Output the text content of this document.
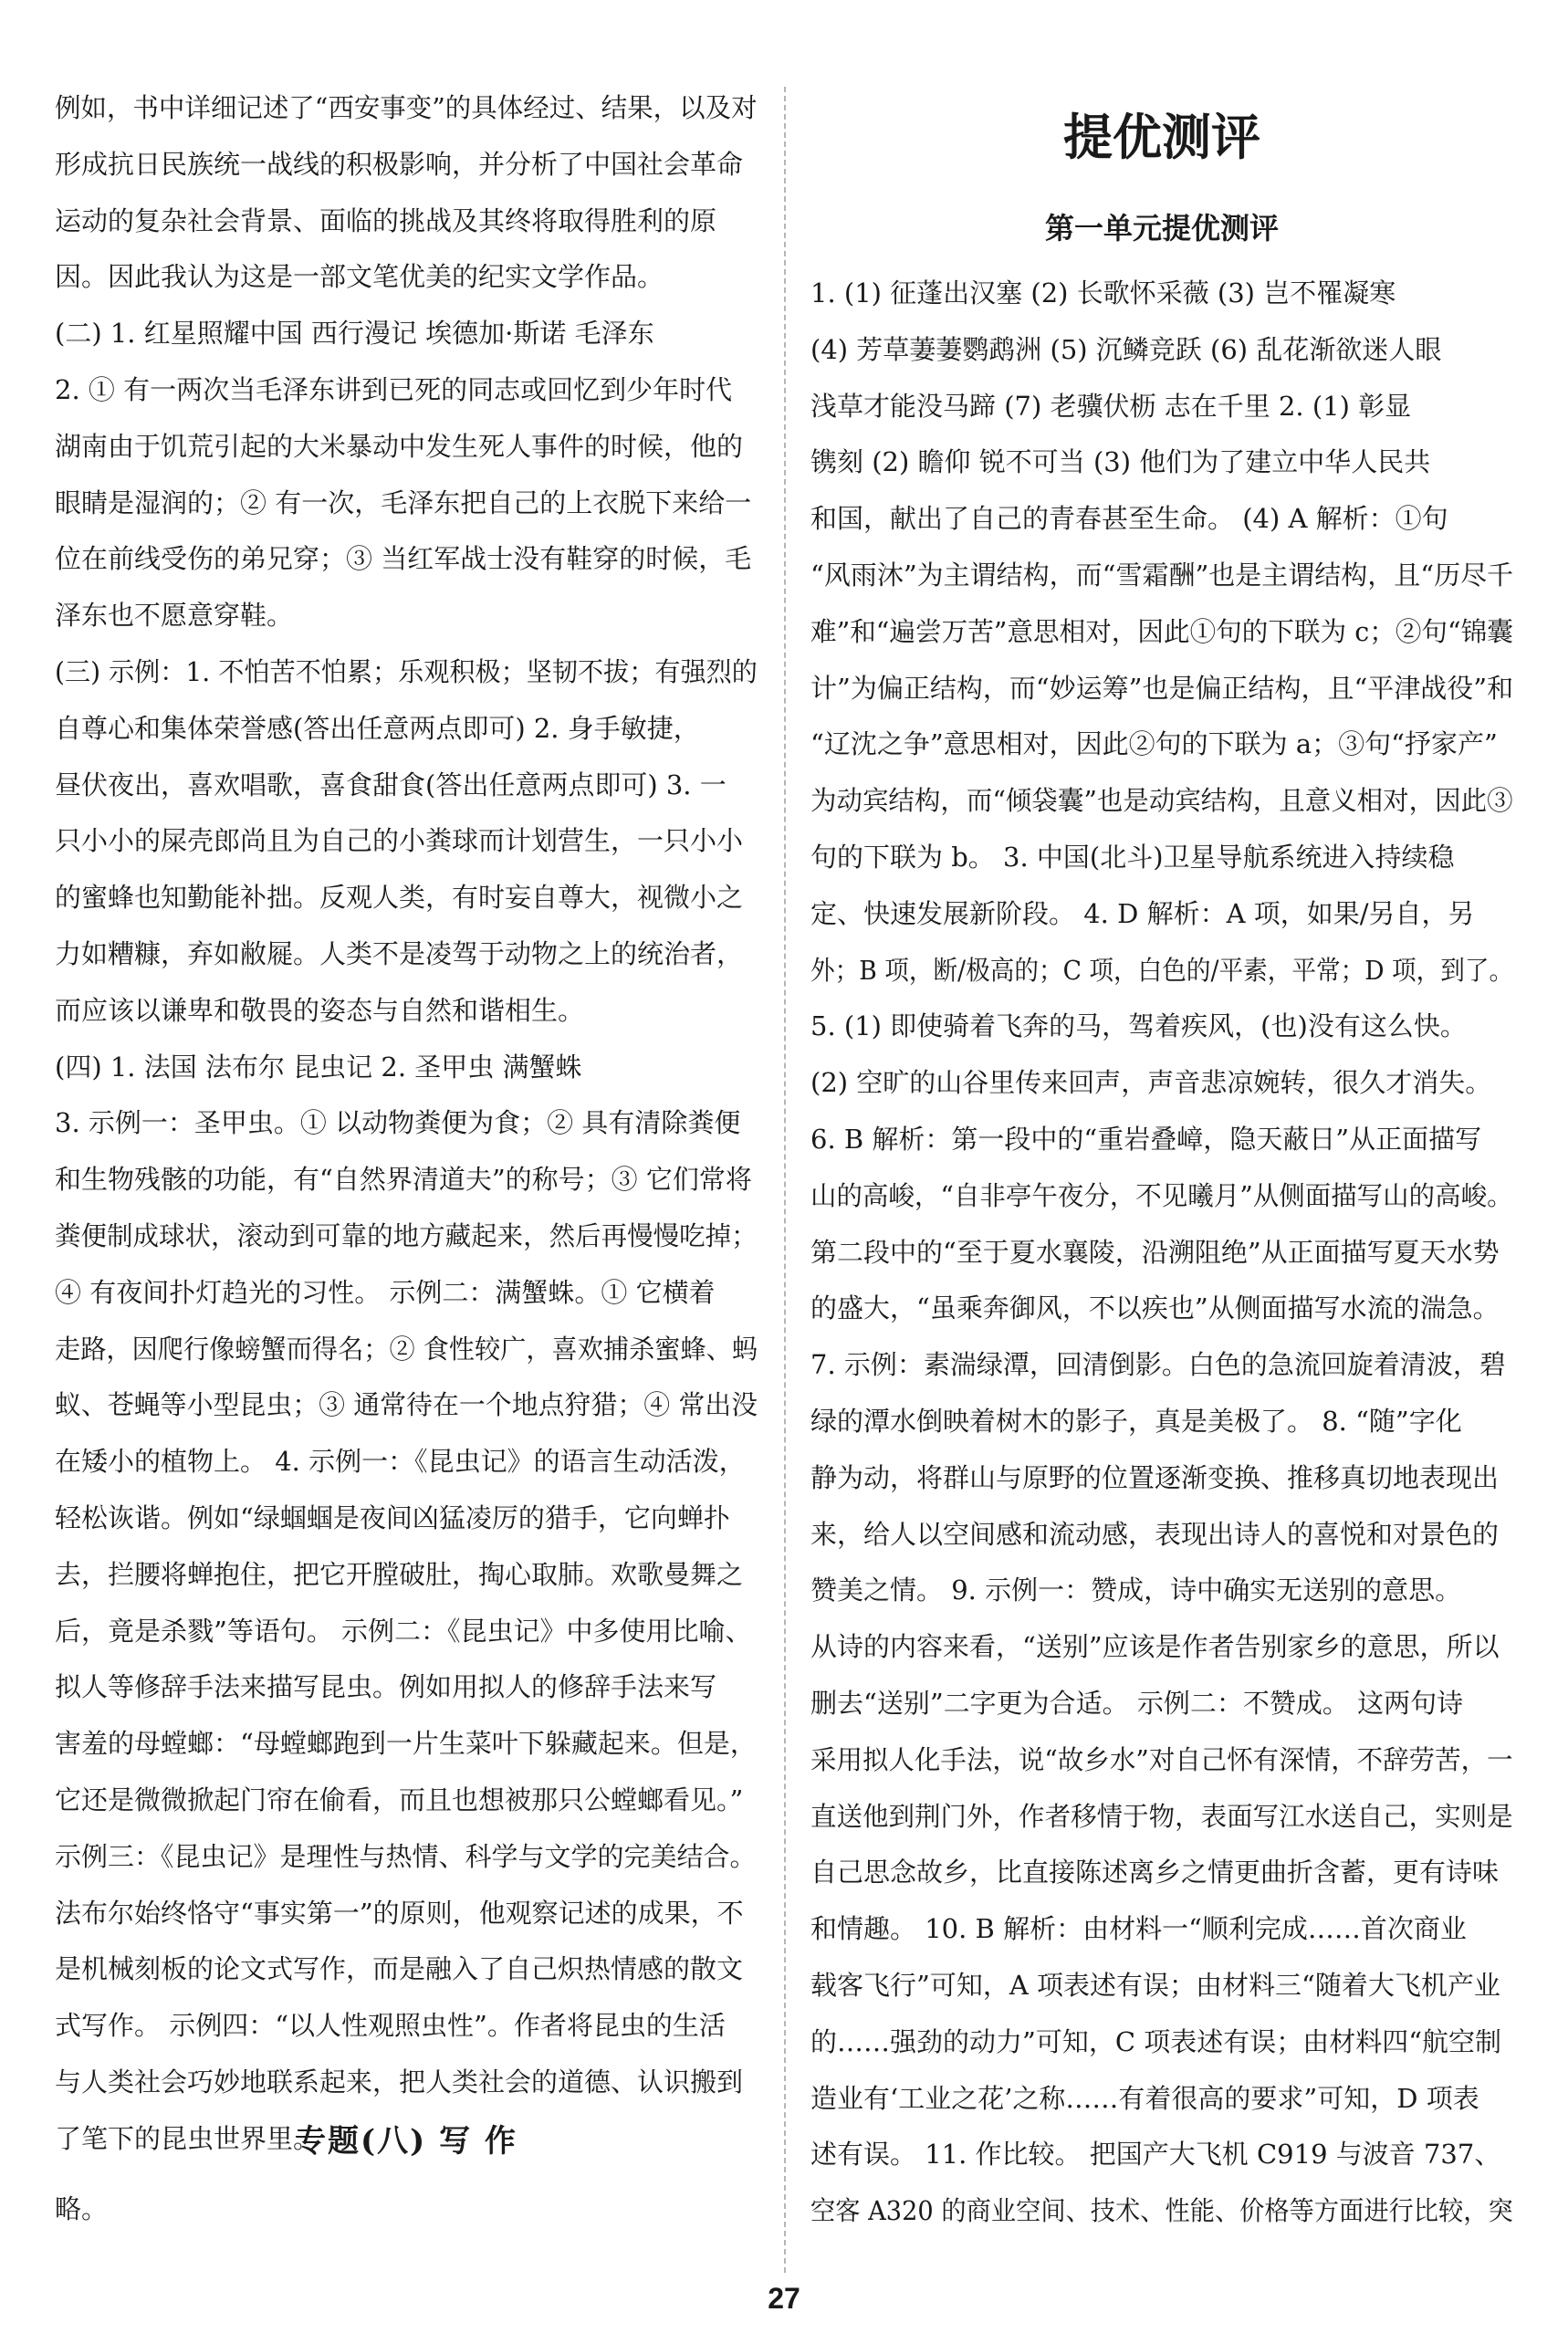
例如，书中详细记述了“西安事变”的具体经过、结果，以及对
形成抗日民族统一战线的积极影响，并分析了中国社会革命
运动的复杂社会背景、面临的挑战及其终将取得胜利的原
因。因此我认为这是一部文笔优美的纪实文学作品。
(二) 1. 红星照耀中国 西行漫记 埃德加·斯诺 毛泽东
2. ① 有一两次当毛泽东讲到已死的同志或回忆到少年时代
湖南由于饥荒引起的大米暴动中发生死人事件的时候，他的
眼睛是湿润的；② 有一次，毛泽东把自己的上衣脱下来给一
位在前线受伤的弟兄穿；③ 当红军战士没有鞋穿的时候，毛
泽东也不愿意穿鞋。
(三) 示例：1. 不怕苦不怕累；乐观积极；坚韧不拔；有强烈的
自尊心和集体荣誉感(答出任意两点即可) 2. 身手敏捷，
昼伏夜出，喜欢唱歌，喜食甜食(答出任意两点即可) 3. 一
只小小的屎壳郎尚且为自己的小粪球而计划营生，一只小小
的蜜蜂也知勤能补拙。反观人类，有时妄自尊大，视微小之
力如糟糠，弃如敝屣。人类不是凌驾于动物之上的统治者，
而应该以谦卑和敬畏的姿态与自然和谐相生。
(四) 1. 法国 法布尔 昆虫记 2. 圣甲虫 满蟹蛛
3. 示例一：圣甲虫。① 以动物粪便为食；② 具有清除粪便
和生物残骸的功能，有“自然界清道夫”的称号；③ 它们常将
粪便制成球状，滚动到可靠的地方藏起来，然后再慢慢吃掉；
④ 有夜间扑灯趋光的习性。 示例二：满蟹蛛。① 它横着
走路，因爬行像螃蟹而得名；② 食性较广，喜欢捕杀蜜蜂、蚂
蚁、苍蝇等小型昆虫；③ 通常待在一个地点狩猎；④ 常出没
在矮小的植物上。 4. 示例一：《昆虫记》的语言生动活泼，
轻松诙谐。例如“绿蝈蝈是夜间凶猛凌厉的猎手，它向蝉扑
去，拦腰将蝉抱住，把它开膛破肚，掏心取肺。欢歌曼舞之
后，竟是杀戮”等语句。 示例二：《昆虫记》中多使用比喻、
拟人等修辞手法来描写昆虫。例如用拟人的修辞手法来写
害羞的母螳螂：“母螳螂跑到一片生菜叶下躲藏起来。但是，
它还是微微掀起门帘在偷看，而且也想被那只公螳螂看见。”
示例三：《昆虫记》是理性与热情、科学与文学的完美结合。
法布尔始终恪守“事实第一”的原则，他观察记述的成果，不
是机械刻板的论文式写作，而是融入了自己炽热情感的散文
式写作。 示例四：“以人性观照虫性”。作者将昆虫的生活
与人类社会巧妙地联系起来，把人类社会的道德、认识搬到
了笔下的昆虫世界里。
专题(八) 写 作
略。
提优测评
第一单元提优测评
1. (1) 征蓬出汉塞 (2) 长歌怀采薇 (3) 岂不罹凝寒
(4) 芳草萋萋鹦鹉洲 (5) 沉鳞竞跃 (6) 乱花渐欲迷人眼
浅草才能没马蹄 (7) 老骥伏枥 志在千里 2. (1) 彰显
镌刻 (2) 瞻仰 锐不可当 (3) 他们为了建立中华人民共
和国，献出了自己的青春甚至生命。 (4) A 解析：①句
“风雨沐”为主谓结构，而“雪霜酬”也是主谓结构，且“历尽千
难”和“遍尝万苦”意思相对，因此①句的下联为 c；②句“锦囊
计”为偏正结构，而“妙运筹”也是偏正结构，且“平津战役”和
“辽沈之争”意思相对，因此②句的下联为 a；③句“抒家产”
为动宾结构，而“倾袋囊”也是动宾结构，且意义相对，因此③
句的下联为 b。 3. 中国(北斗)卫星导航系统进入持续稳
定、快速发展新阶段。 4. D 解析：A 项，如果/另自，另
外；B 项，断/极高的；C 项，白色的/平素，平常；D 项，到了。
5. (1) 即使骑着飞奔的马，驾着疾风，(也)没有这么快。
(2) 空旷的山谷里传来回声，声音悲凉婉转，很久才消失。
6. B 解析：第一段中的“重岩叠嶂，隐天蔽日”从正面描写
山的高峻，“自非亭午夜分，不见曦月”从侧面描写山的高峻。
第二段中的“至于夏水襄陵，沿溯阻绝”从正面描写夏天水势
的盛大，“虽乘奔御风，不以疾也”从侧面描写水流的湍急。
7. 示例：素湍绿潭，回清倒影。白色的急流回旋着清波，碧
绿的潭水倒映着树木的影子，真是美极了。 8. “随”字化
静为动，将群山与原野的位置逐渐变换、推移真切地表现出
来，给人以空间感和流动感，表现出诗人的喜悦和对景色的
赞美之情。 9. 示例一：赞成，诗中确实无送别的意思。
从诗的内容来看，“送别”应该是作者告别家乡的意思，所以
删去“送别”二字更为合适。 示例二：不赞成。 这两句诗
采用拟人化手法，说“故乡水”对自己怀有深情，不辞劳苦，一
直送他到荆门外，作者移情于物，表面写江水送自己，实则是
自己思念故乡，比直接陈述离乡之情更曲折含蓄，更有诗味
和情趣。 10. B 解析：由材料一“顺利完成……首次商业
载客飞行”可知，A 项表述有误；由材料三“随着大飞机产业
的……强劲的动力”可知，C 项表述有误；由材料四“航空制
造业有‘工业之花’之称……有着很高的要求”可知，D 项表
述有误。 11. 作比较。 把国产大飞机 C919 与波音 737、
空客 A320 的商业空间、技术、性能、价格等方面进行比较，突
27
